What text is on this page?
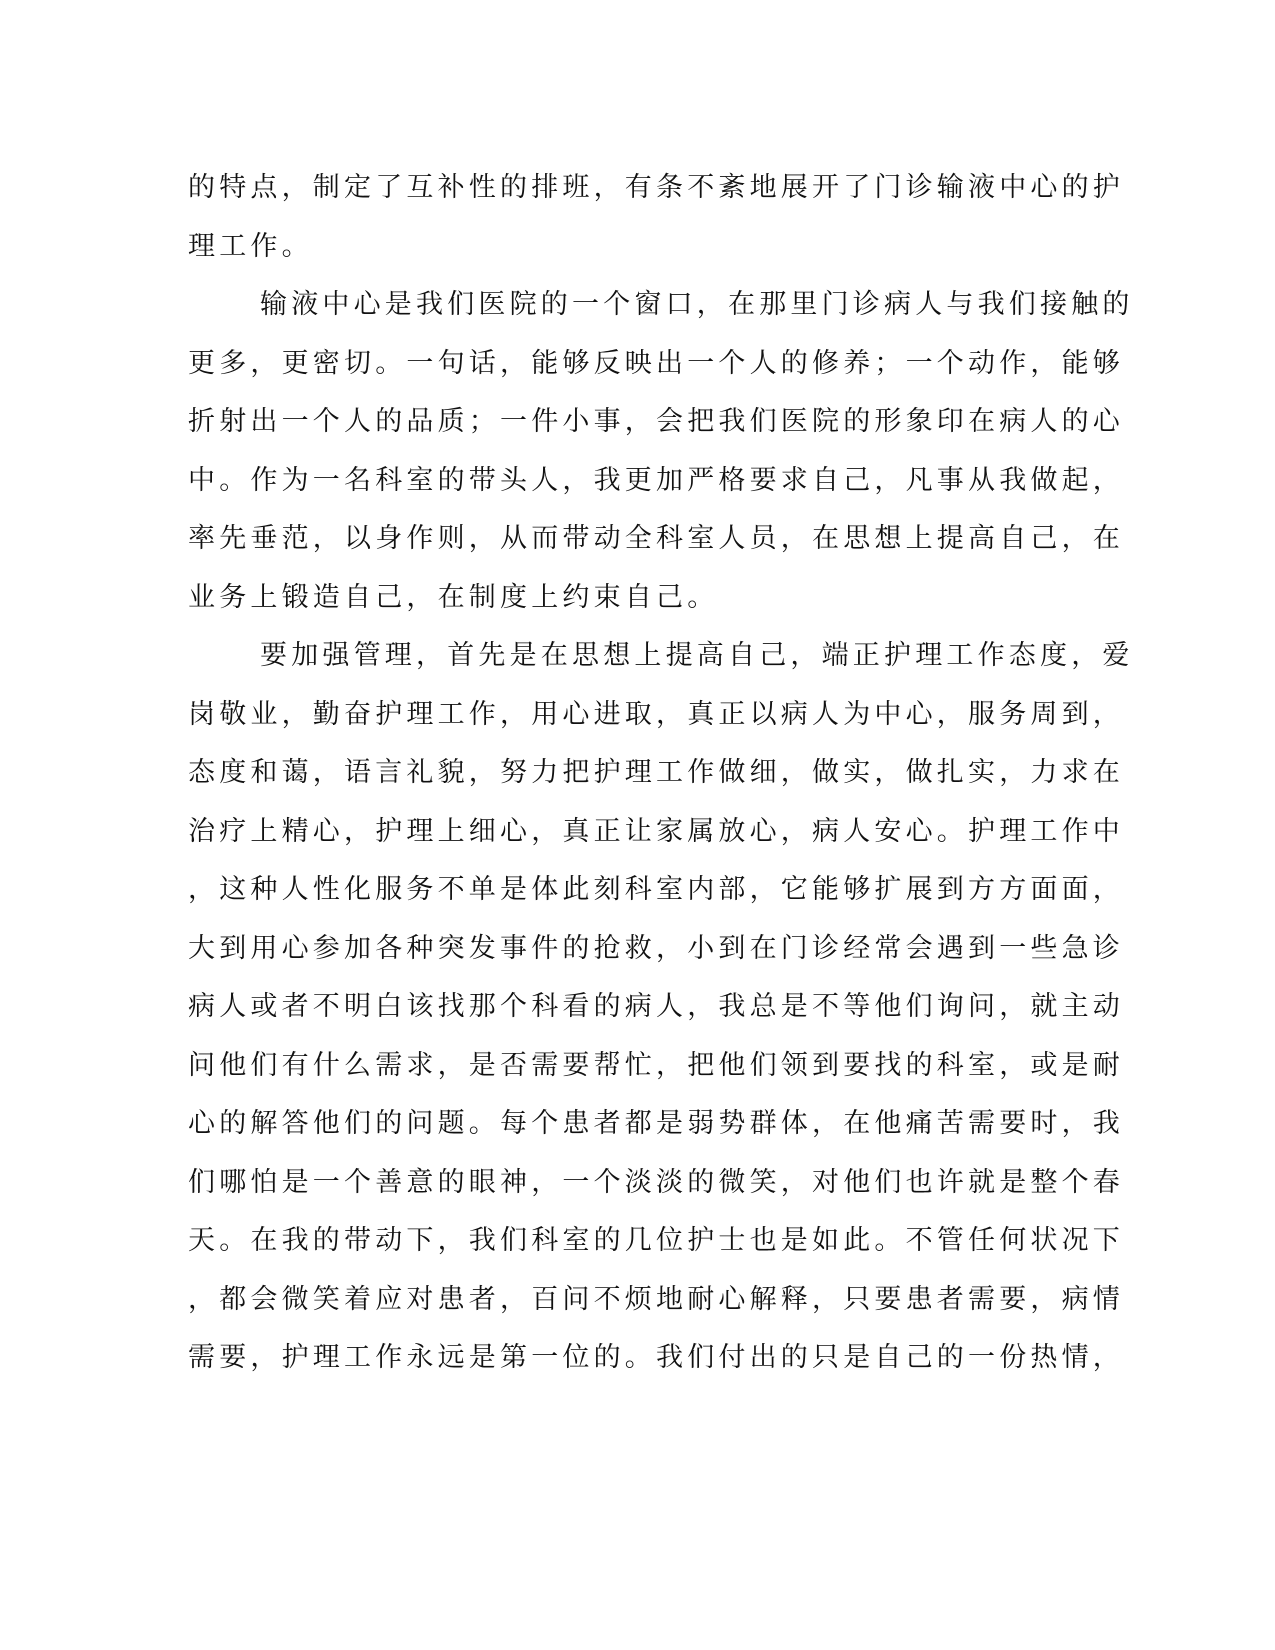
的特点，制定了互补性的排班，有条不紊地展开了门诊输液中心的护
理工作。
输液中心是我们医院的一个窗口，在那里门诊病人与我们接触的
更多，更密切。一句话，能够反映出一个人的修养；一个动作，能够
折射出一个人的品质；一件小事，会把我们医院的形象印在病人的心
中。作为一名科室的带头人，我更加严格要求自己，凡事从我做起，
率先垂范，以身作则，从而带动全科室人员，在思想上提高自己，在
业务上锻造自己，在制度上约束自己。
要加强管理，首先是在思想上提高自己，端正护理工作态度，爱
岗敬业，勤奋护理工作，用心进取，真正以病人为中心，服务周到，
态度和蔼，语言礼貌，努力把护理工作做细，做实，做扎实，力求在
治疗上精心，护理上细心，真正让家属放心，病人安心。护理工作中
，这种人性化服务不单是体此刻科室内部，它能够扩展到方方面面，
大到用心参加各种突发事件的抢救，小到在门诊经常会遇到一些急诊
病人或者不明白该找那个科看的病人，我总是不等他们询问，就主动
问他们有什么需求，是否需要帮忙，把他们领到要找的科室，或是耐
心的解答他们的问题。每个患者都是弱势群体，在他痛苦需要时，我
们哪怕是一个善意的眼神，一个淡淡的微笑，对他们也许就是整个春
天。在我的带动下，我们科室的几位护士也是如此。不管任何状况下
，都会微笑着应对患者，百问不烦地耐心解释，只要患者需要，病情
需要，护理工作永远是第一位的。我们付出的只是自己的一份热情，
